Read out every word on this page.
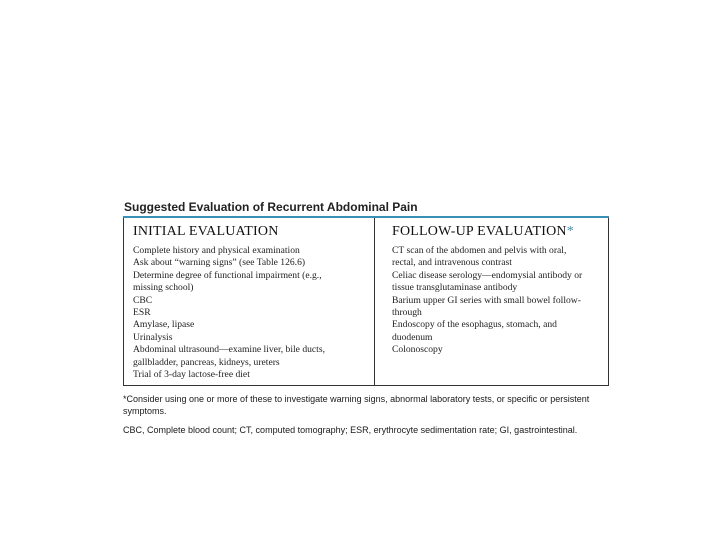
Suggested Evaluation of Recurrent Abdominal Pain
INITIAL EVALUATION
Complete history and physical examination
Ask about “warning signs” (see Table 126.6)
Determine degree of functional impairment (e.g.,
missing school)
CBC
ESR
Amylase, lipase
Urinalysis
Abdominal ultrasound—examine liver, bile ducts,
gallbladder, pancreas, kidneys, ureters
Trial of 3-day lactose-free diet
FOLLOW-UP EVALUATION*
CT scan of the abdomen and pelvis with oral,
rectal, and intravenous contrast
Celiac disease serology—endomysial antibody or
tissue transglutaminase antibody
Barium upper GI series with small bowel follow-
through
Endoscopy of the esophagus, stomach, and
duodenum
Colonoscopy
*Consider using one or more of these to investigate warning signs, abnormal laboratory tests, or specific or persistent symptoms.
CBC, Complete blood count; CT, computed tomography; ESR, erythrocyte sedimentation rate; GI, gastrointestinal.
